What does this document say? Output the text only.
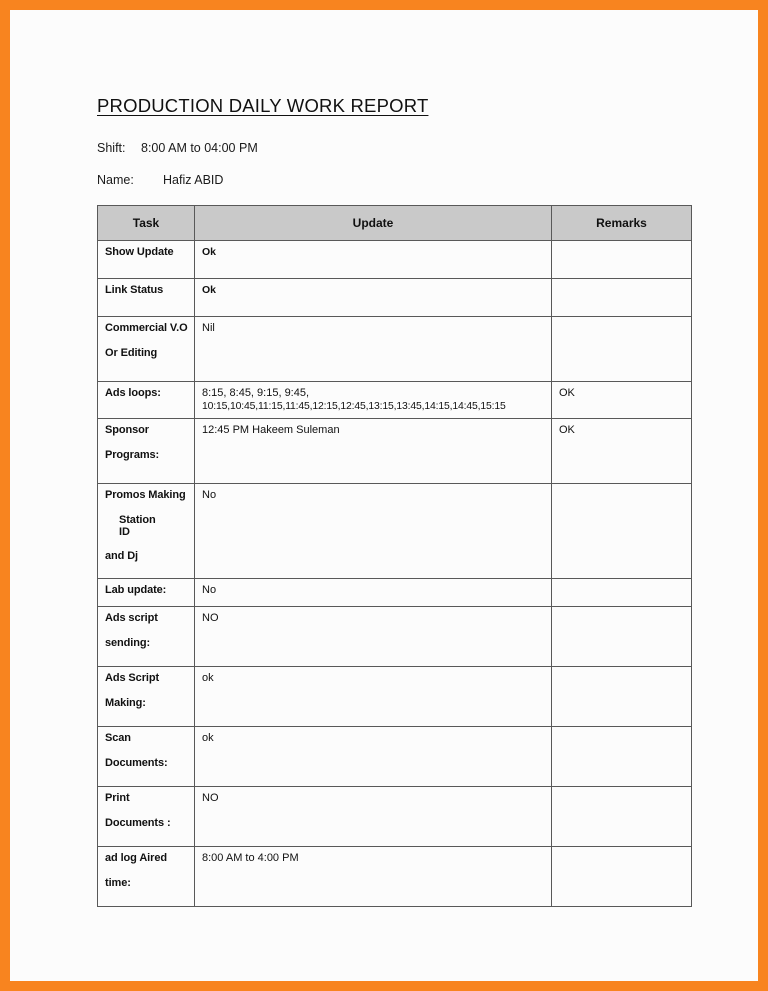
PRODUCTION DAILY WORK REPORT

Shift: 8:00 AM to 04:00 PM

Name: Hafiz ABID

Task	Update	Remarks

Show Update	Ok	

Link Status	Ok	

Commercial V.O
Or Editing	Nil	

Ads loops:	8:15, 8:45, 9:15, 9:45,
10:15,10:45,11:15,11:45,12:15,12:45,13:15,13:45,14:15,14:45,15:15	OK

Sponsor
Programs:	12:45 PM Hakeem Suleman	OK

Promos Making
StationID
and Dj	No	

Lab update:	No	

Ads script
sending:	NO	

Ads Script
Making:	ok	

Scan
Documents:	ok	

Print
Documents :	NO	

ad log Aired
time:	8:00 AM to 4:00 PM	
